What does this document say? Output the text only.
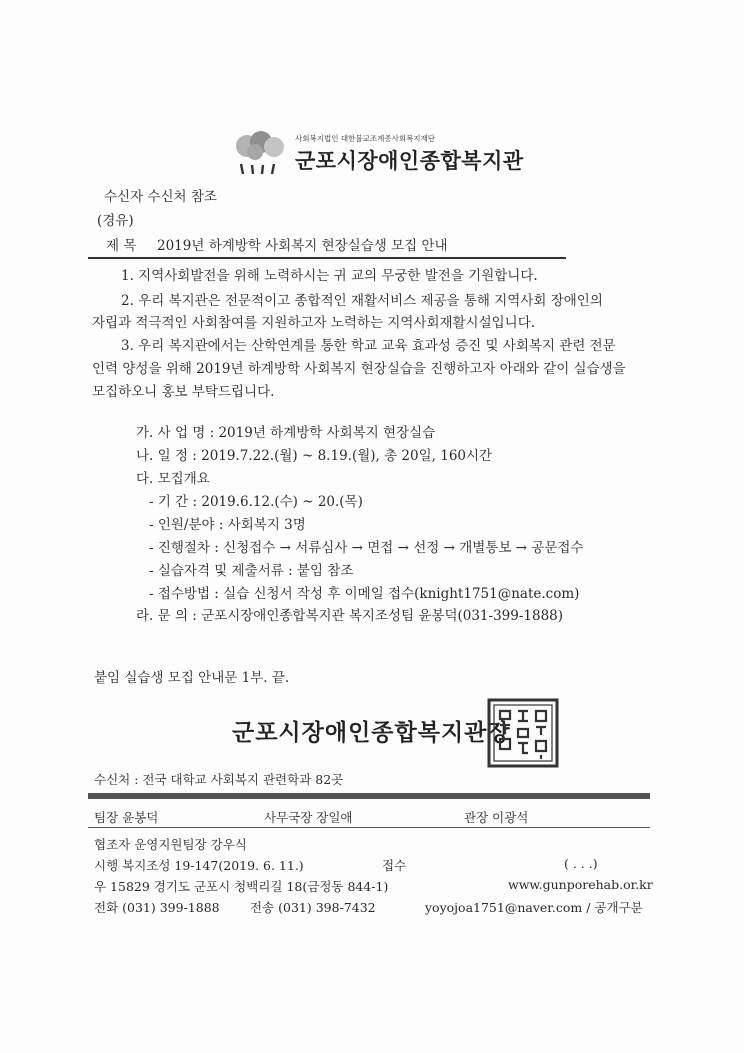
사회복지법인 대한불교조계종사회복지재단
군포시장애인종합복지관
수신자 수신처 참조
(경유)
제 목 2019년 하계방학 사회복지 현장실습생 모집 안내
1. 지역사회발전을 위해 노력하시는 귀 교의 무궁한 발전을 기원합니다.
2. 우리 복지관은 전문적이고 종합적인 재활서비스 제공을 통해 지역사회 장애인의
자립과 적극적인 사회참여를 지원하고자 노력하는 지역사회재활시설입니다.
3. 우리 복지관에서는 산학연계를 통한 학교 교육 효과성 증진 및 사회복지 관련 전문
인력 양성을 위해 2019년 하계방학 사회복지 현장실습을 진행하고자 아래와 같이 실습생을
모집하오니 홍보 부탁드립니다.
가. 사 업 명 : 2019년 하계방학 사회복지 현장실습
나. 일 정 : 2019.7.22.(월) ~ 8.19.(월), 총 20일, 160시간
다. 모집개요
- 기 간 : 2019.6.12.(수) ~ 20.(목)
- 인원/분야 : 사회복지 3명
- 진행절차 : 신청접수 → 서류심사 → 면접 → 선정 → 개별통보 → 공문접수
- 실습자격 및 제출서류 : 붙임 참조
- 접수방법 : 실습 신청서 작성 후 이메일 접수(knight1751@nate.com)
라. 문 의 : 군포시장애인종합복지관 복지조성팀 윤봉덕(031-399-1888)
붙임 실습생 모집 안내문 1부. 끝.
군포시장애인종합복지관장
수신처 : 전국 대학교 사회복지 관련학과 82곳
팀장 윤봉덕	사무국장 장일애	관장 이광석
협조자 운영지원팀장 강우식
시행 복지조성 19-147(2019. 6. 11.)	접수	( . . .)
우 15829 경기도 군포시 청백리길 18(금정동 844-1)	www.gunporehab.or.kr
전화 (031) 399-1888 전송 (031) 398-7432	yoyojoa1751@naver.com / 공개구분
